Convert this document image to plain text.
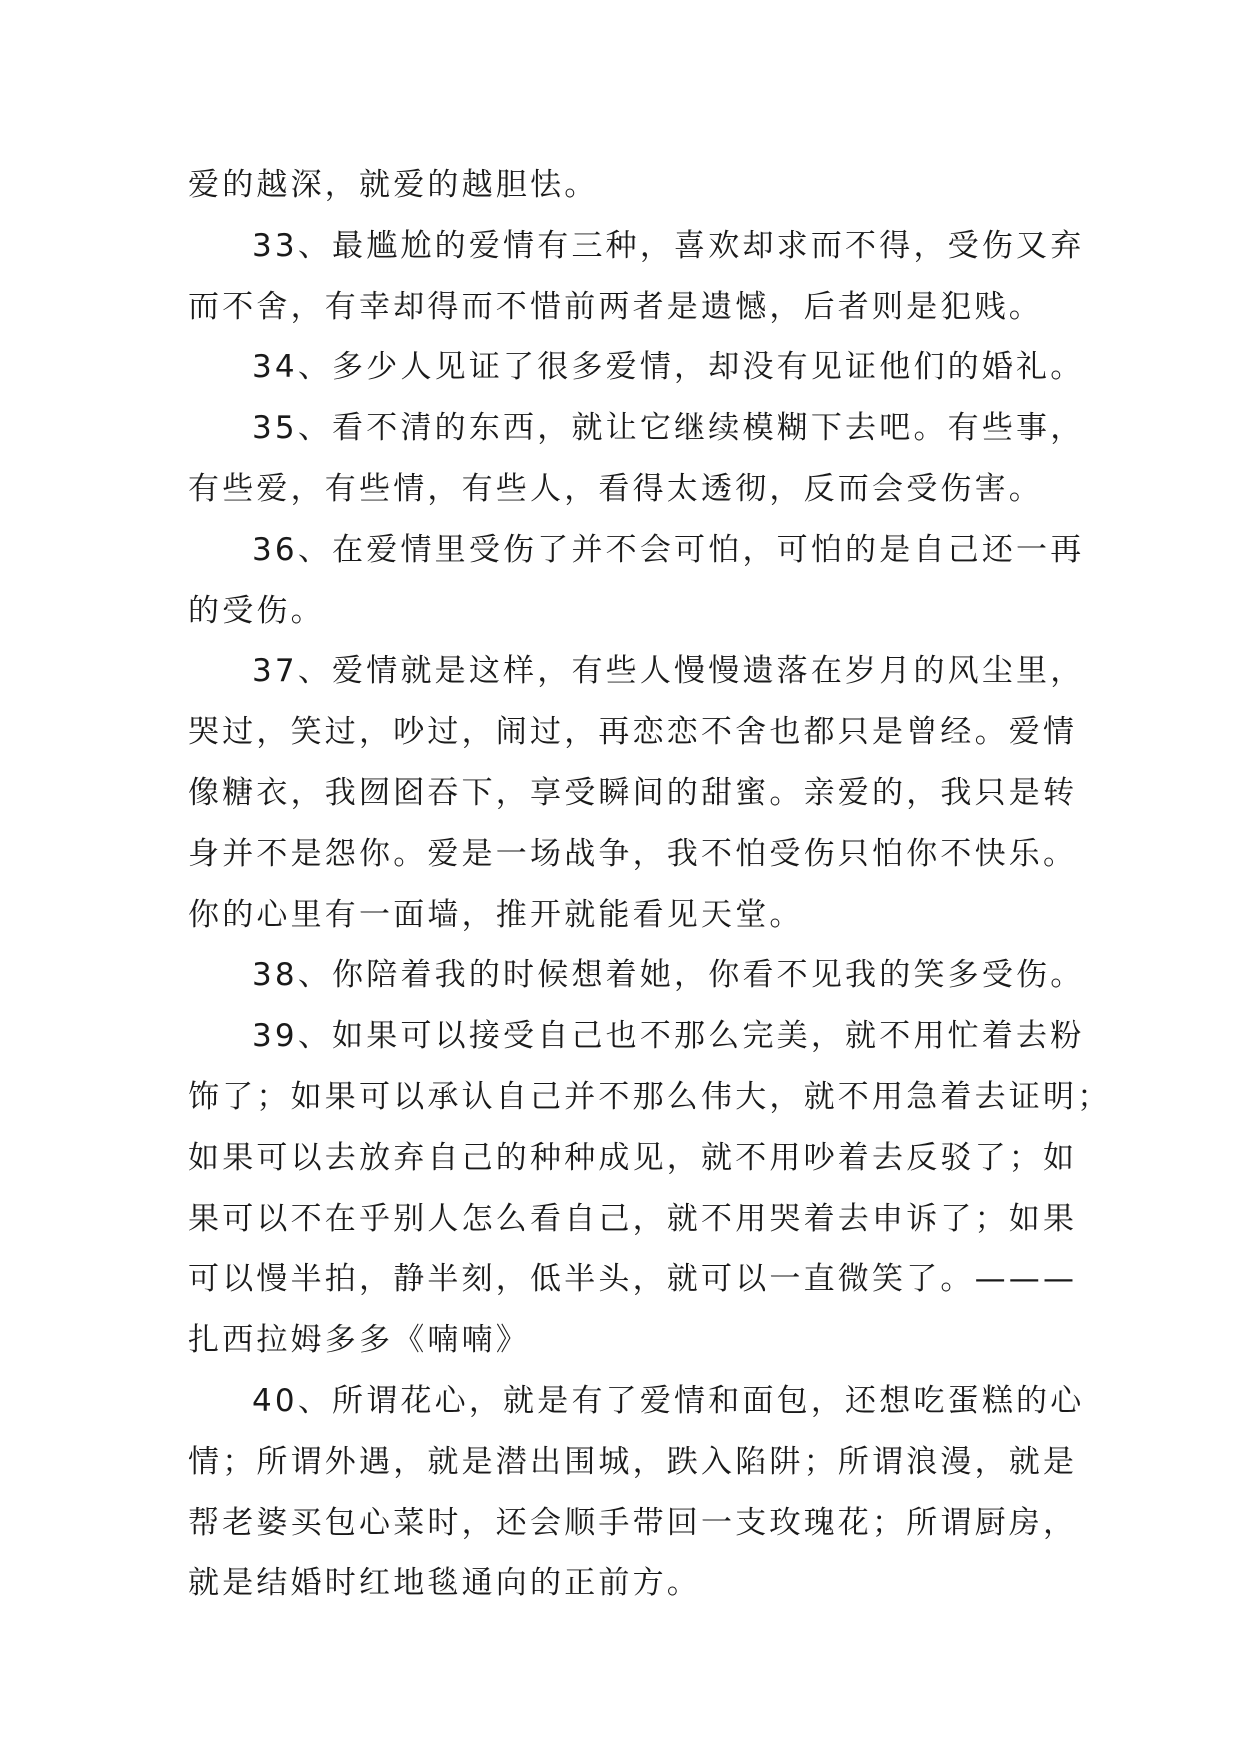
爱的越深，就爱的越胆怯。
33、最尴尬的爱情有三种，喜欢却求而不得，受伤又弃
而不舍，有幸却得而不惜前两者是遗憾，后者则是犯贱。
34、多少人见证了很多爱情，却没有见证他们的婚礼。
35、看不清的东西，就让它继续模糊下去吧。有些事，
有些爱，有些情，有些人，看得太透彻，反而会受伤害。
36、在爱情里受伤了并不会可怕，可怕的是自己还一再
的受伤。
37、爱情就是这样，有些人慢慢遗落在岁月的风尘里，
哭过，笑过，吵过，闹过，再恋恋不舍也都只是曾经。爱情
像糖衣，我囫囵吞下，享受瞬间的甜蜜。亲爱的，我只是转
身并不是怨你。爱是一场战争，我不怕受伤只怕你不快乐。
你的心里有一面墙，推开就能看见天堂。
38、你陪着我的时候想着她，你看不见我的笑多受伤。
39、如果可以接受自己也不那么完美，就不用忙着去粉
饰了；如果可以承认自己并不那么伟大，就不用急着去证明；
如果可以去放弃自己的种种成见，就不用吵着去反驳了；如
果可以不在乎别人怎么看自己，就不用哭着去申诉了；如果
可以慢半拍，静半刻，低半头，就可以一直微笑了。———
扎西拉姆多多《喃喃》
40、所谓花心，就是有了爱情和面包，还想吃蛋糕的心
情；所谓外遇，就是潜出围城，跌入陷阱；所谓浪漫，就是
帮老婆买包心菜时，还会顺手带回一支玫瑰花；所谓厨房，
就是结婚时红地毯通向的正前方。
